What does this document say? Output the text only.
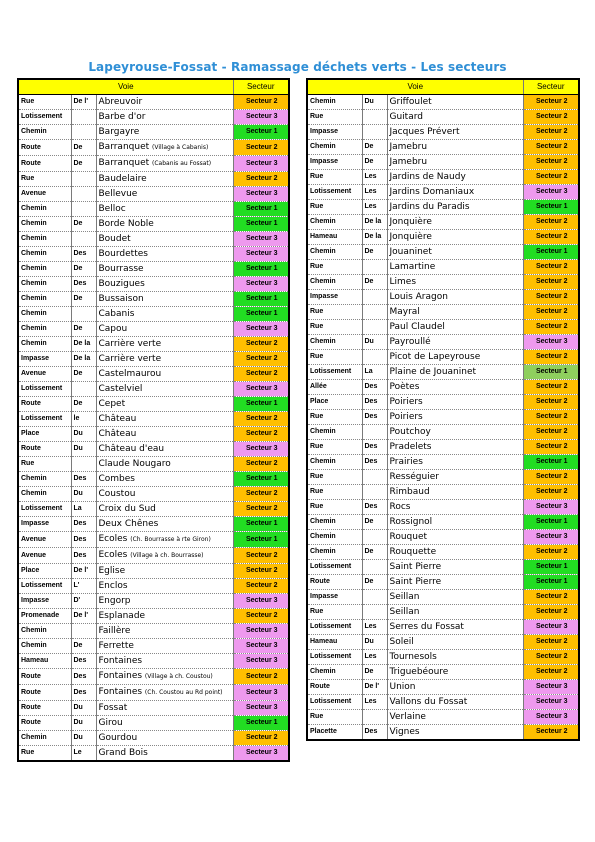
Lapeyrouse-Fossat - Ramassage déchets verts - Les secteurs
Voie			Secteur
Rue	De l'	Abreuvoir	Secteur 2
Lotissement		Barbe d'or	Secteur 3
Chemin		Bargayre	Secteur 1
Route	De	Barranquet (Village à Cabanis)	Secteur 2
Route	De	Barranquet (Cabanis au Fossat)	Secteur 3
Rue		Baudelaire	Secteur 2
Avenue		Bellevue	Secteur 3
Chemin		Belloc	Secteur 1
Chemin	De	Borde Noble	Secteur 1
Chemin		Boudet	Secteur 3
Chemin	Des	Bourdettes	Secteur 3
Chemin	De	Bourrasse	Secteur 1
Chemin	Des	Bouzigues	Secteur 3
Chemin	De	Bussaison	Secteur 1
Chemin		Cabanis	Secteur 1
Chemin	De	Capou	Secteur 3
Chemin	De la	Carrière verte	Secteur 2
Impasse	De la	Carrière verte	Secteur 2
Avenue	De	Castelmaurou	Secteur 2
Lotissement		Castelviel	Secteur 3
Route	De	Cepet	Secteur 1
Lotissement	le	Château	Secteur 2
Place	Du	Château	Secteur 2
Route	Du	Château d'eau	Secteur 3
Rue		Claude Nougaro	Secteur 2
Chemin	Des	Combes	Secteur 1
Chemin	Du	Coustou	Secteur 2
Lotissement	La	Croix du Sud	Secteur 2
Impasse	Des	Deux Chênes	Secteur 1
Avenue	Des	Ecoles (Ch. Bourrasse à rte Giron)	Secteur 1
Avenue	Des	Ecoles (Village à ch. Bourrasse)	Secteur 2
Place	De l'	Eglise	Secteur 2
Lotissement	L'	Enclos	Secteur 2
Impasse	D'	Engorp	Secteur 3
Promenade	De l'	Esplanade	Secteur 2
Chemin		Faillère	Secteur 3
Chemin	De	Ferrette	Secteur 3
Hameau	Des	Fontaines	Secteur 3
Route	Des	Fontaines (Village à ch. Coustou)	Secteur 2
Route	Des	Fontaines (Ch. Coustou au Rd point)	Secteur 3
Route	Du	Fossat	Secteur 3
Route	Du	Girou	Secteur 1
Chemin	Du	Gourdou	Secteur 2
Rue	Le	Grand Bois	Secteur 3
Voie			Secteur
Chemin	Du	Griffoulet	Secteur 2
Rue		Guitard	Secteur 2
Impasse		Jacques Prévert	Secteur 2
Chemin	De	Jamebru	Secteur 2
Impasse	De	Jamebru	Secteur 2
Rue	Les	Jardins de Naudy	Secteur 2
Lotissement	Les	Jardins Domaniaux	Secteur 3
Rue	Les	Jardins du Paradis	Secteur 1
Chemin	De la	Jonquière	Secteur 2
Hameau	De la	Jonquière	Secteur 2
Chemin	De	Jouaninet	Secteur 1
Rue		Lamartine	Secteur 2
Chemin	De	Limes	Secteur 2
Impasse		Louis Aragon	Secteur 2
Rue		Mayral	Secteur 2
Rue		Paul Claudel	Secteur 2
Chemin	Du	Payroullé	Secteur 3
Rue		Picot de Lapeyrouse	Secteur 2
Lotissement	La	Plaine de Jouaninet	Secteur 1
Allée	Des	Poètes	Secteur 2
Place	Des	Poiriers	Secteur 2
Rue	Des	Poiriers	Secteur 2
Chemin		Poutchoy	Secteur 2
Rue	Des	Pradelets	Secteur 2
Chemin	Des	Prairies	Secteur 1
Rue		Rességuier	Secteur 2
Rue		Rimbaud	Secteur 2
Rue	Des	Rocs	Secteur 3
Chemin	De	Rossignol	Secteur 1
Chemin		Rouquet	Secteur 3
Chemin	De	Rouquette	Secteur 2
Lotissement		Saint Pierre	Secteur 1
Route	De	Saint Pierre	Secteur 1
Impasse		Seillan	Secteur 2
Rue		Seillan	Secteur 2
Lotissement	Les	Serres du Fossat	Secteur 3
Hameau	Du	Soleil	Secteur 2
Lotissement	Les	Tournesols	Secteur 2
Chemin	De	Triguebéoure	Secteur 2
Route	De l'	Union	Secteur 3
Lotissement	Les	Vallons du Fossat	Secteur 3
Rue		Verlaine	Secteur 3
Placette	Des	Vignes	Secteur 2
